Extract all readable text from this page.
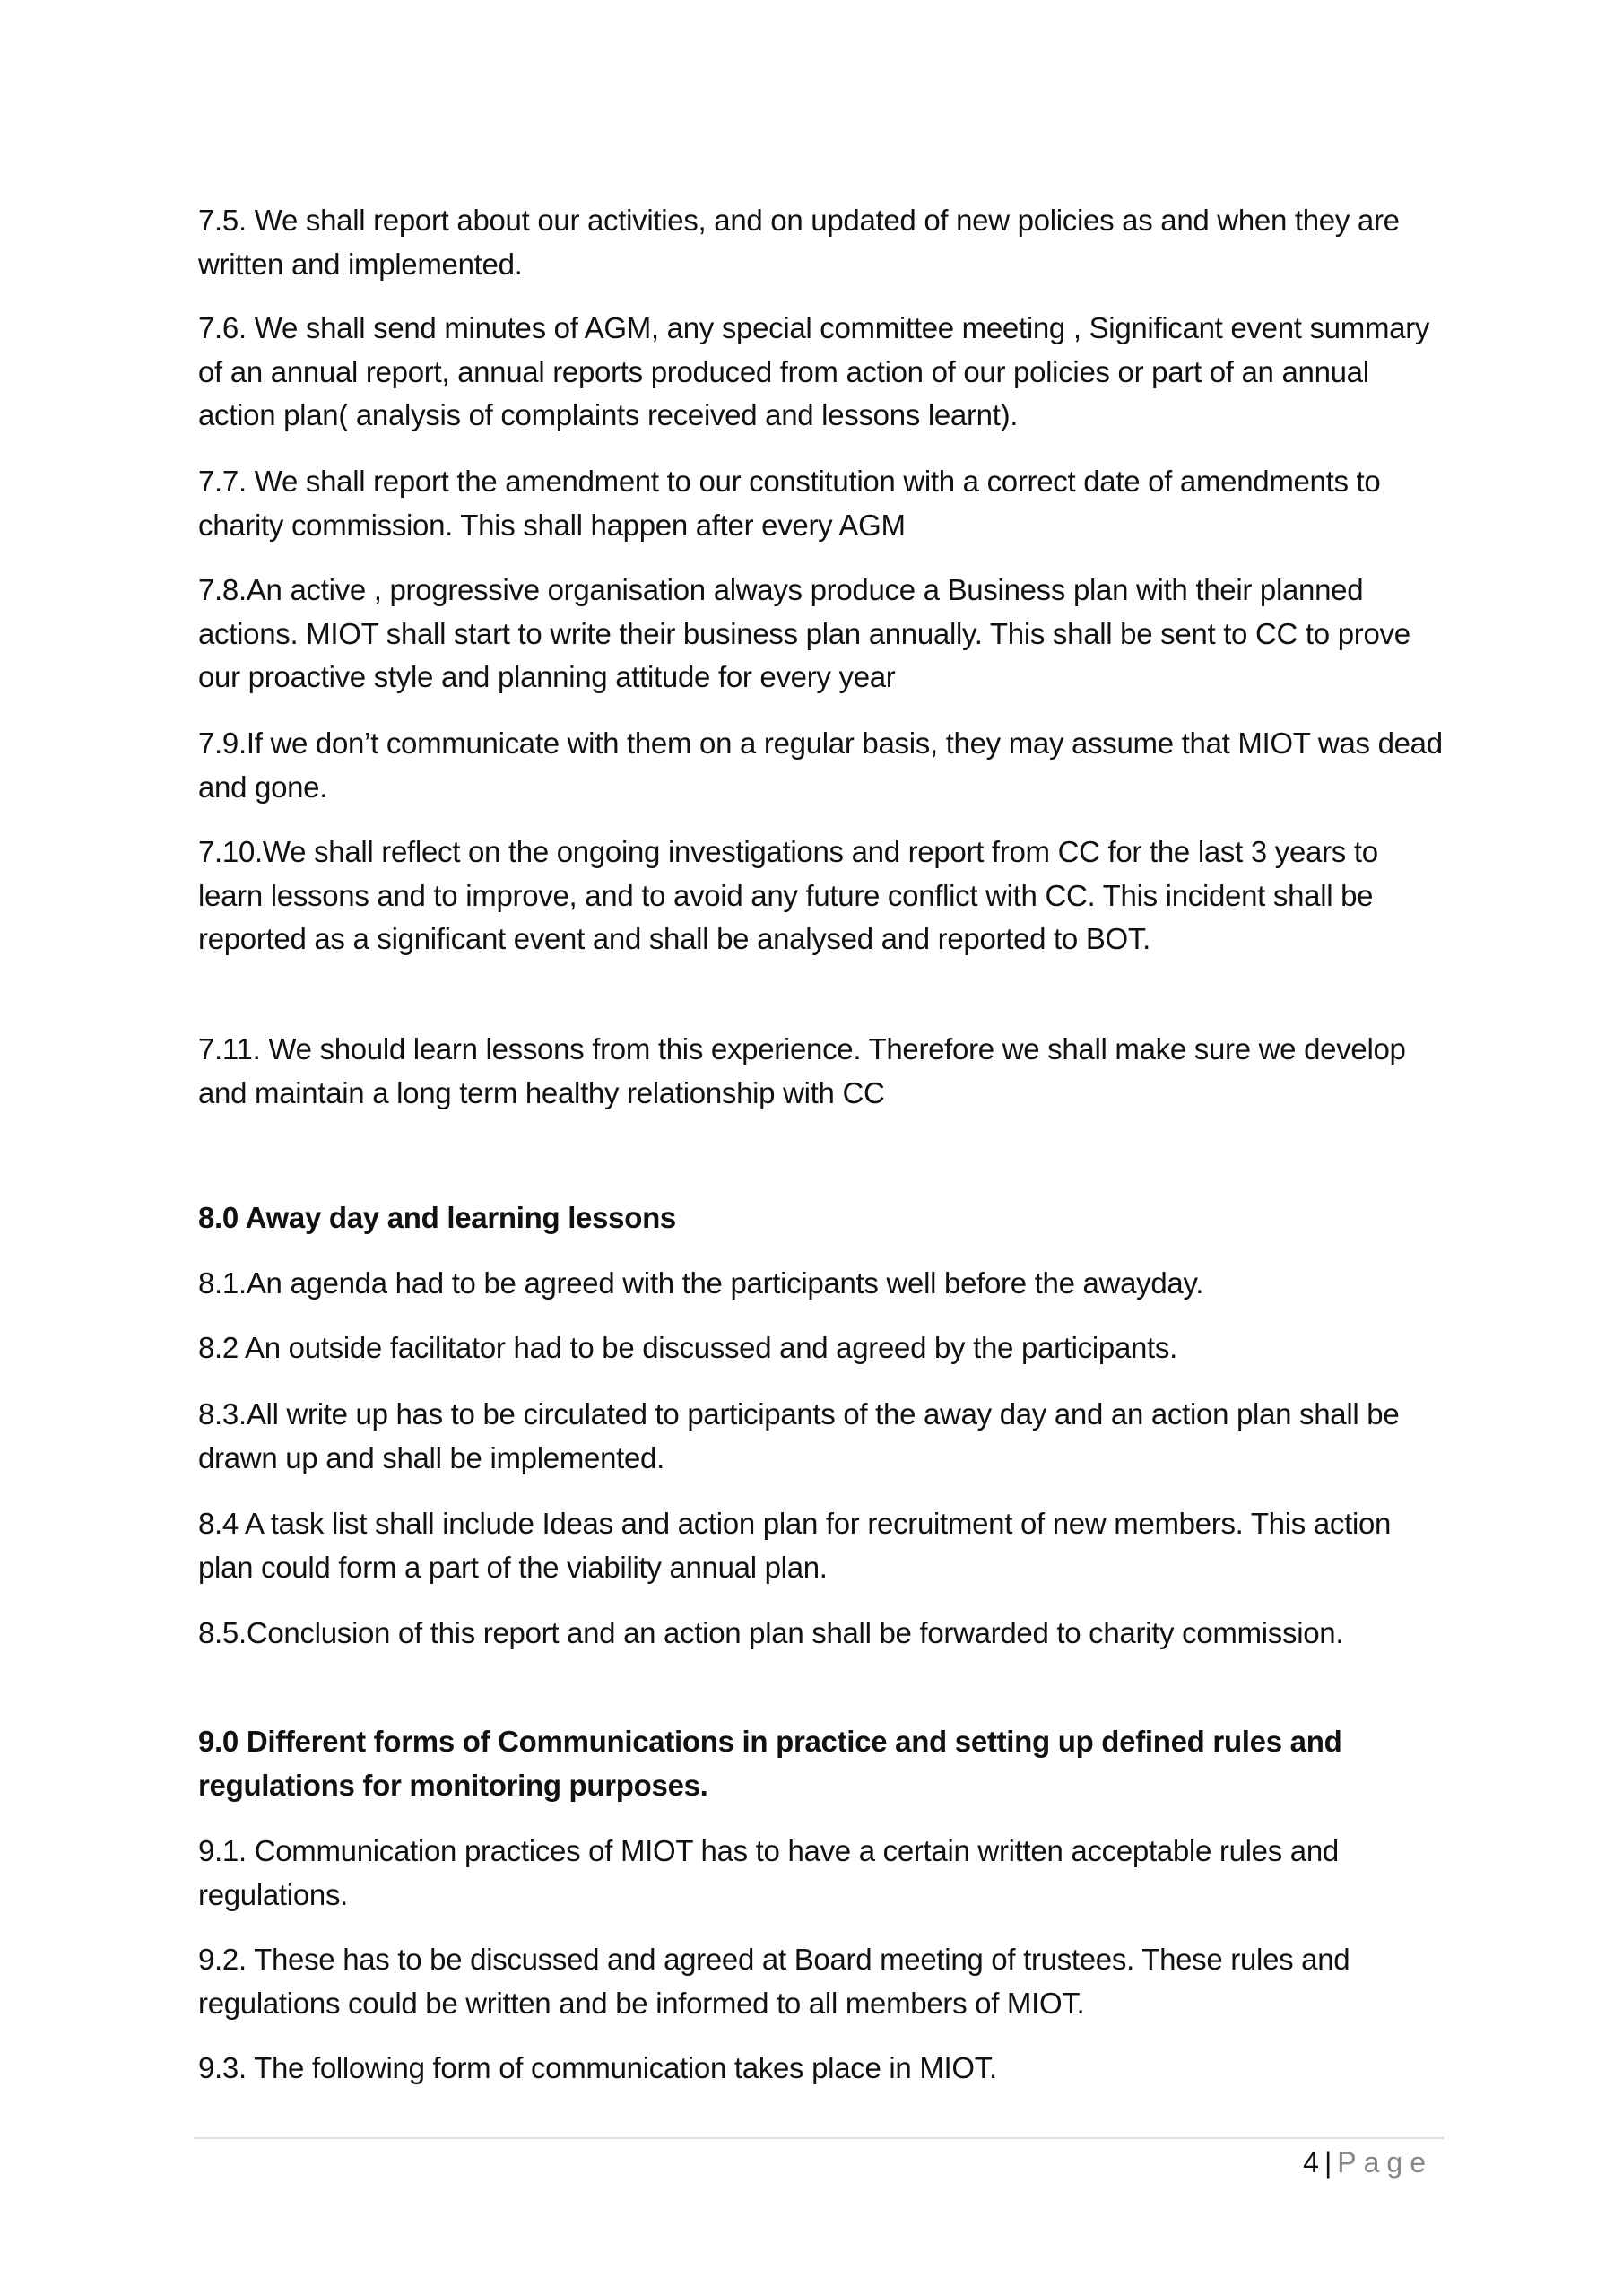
7.5. We shall report about our activities, and on updated of new policies as and when they are written and implemented.

7.6. We shall send minutes of AGM, any special committee meeting , Significant event summary of an annual report, annual reports produced from action of our policies or part of an annual action plan( analysis of complaints received and lessons learnt).

7.7. We shall report the amendment to our constitution with a correct date of amendments to charity commission. This shall happen after every AGM

7.8.An active , progressive organisation always produce a Business plan with their planned actions. MIOT shall start to write their business plan annually. This shall be sent to CC to prove our proactive style and planning attitude for every year

7.9.If we don’t communicate with them on a regular basis, they may assume that MIOT was dead and gone.

7.10.We shall reflect on the ongoing investigations and report from CC for the last 3 years to learn lessons and to improve, and to avoid any future conflict with CC. This incident shall be reported as a significant event and shall be analysed and reported to BOT.

7.11. We should learn lessons from this experience. Therefore we shall make sure we develop and maintain a long term healthy relationship with CC

8.0 Away day and learning lessons

8.1.An agenda had to be agreed with the participants well before the awayday.

8.2 An outside facilitator had to be discussed and agreed by the participants.

8.3.All write up has to be circulated to participants of the away day and an action plan shall be drawn up and shall be implemented.

8.4 A task list shall include Ideas and action plan for recruitment of new members. This action plan could form a part of the viability annual plan.

8.5.Conclusion of this report and an action plan shall be forwarded to charity commission.

9.0 Different forms of Communications in practice and setting up defined rules and regulations for monitoring purposes.

9.1. Communication practices of MIOT has to have a certain written acceptable rules and regulations.

9.2. These has to be discussed and agreed at Board meeting of trustees. These rules and regulations could be written and be informed to all members of MIOT.

9.3. The following form of communication takes place in MIOT.

4 | Page
